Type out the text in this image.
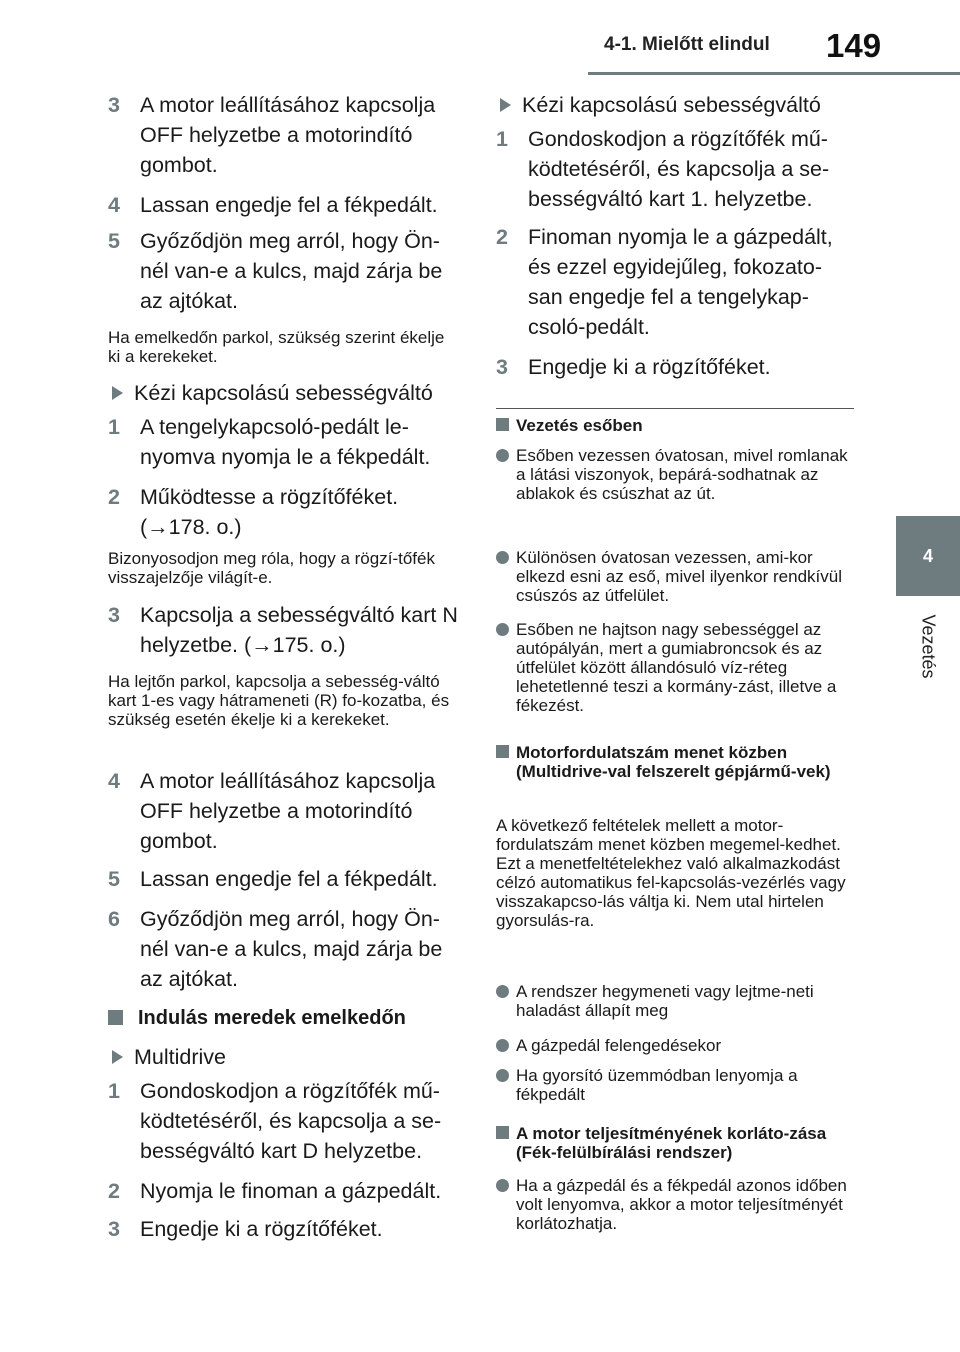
4-1. Mielőtt elindul 149
4
Vezetés
3 A motor leállításához kapcsolja OFF helyzetbe a motorindító gombot.
4 Lassan engedje fel a fékpedált.
5 Győződjön meg arról, hogy Ön-nél van-e a kulcs, majd zárja be az ajtókat.
Ha emelkedőn parkol, szükség szerint ékelje ki a kerekeket.
Kézi kapcsolású sebességváltó
1 A tengelykapcsoló-pedált le-nyomva nyomja le a fékpedált.
2 Működtesse a rögzítőféket. (→178. o.)
Bizonyosodjon meg róla, hogy a rögzí-tőfék visszajelzője világít-e.
3 Kapcsolja a sebességváltó kart N helyzetbe. (→175. o.)
Ha lejtőn parkol, kapcsolja a sebesség-váltó kart 1-es vagy hátrameneti (R) fo-kozatba, és szükség esetén ékelje ki a kerekeket.
4 A motor leállításához kapcsolja OFF helyzetbe a motorindító gombot.
5 Lassan engedje fel a fékpedált.
6 Győződjön meg arról, hogy Ön-nél van-e a kulcs, majd zárja be az ajtókat.
Indulás meredek emelkedőn
Multidrive
1 Gondoskodjon a rögzítőfék mű-ködtetéséről, és kapcsolja a se-bességváltó kart D helyzetbe.
2 Nyomja le finoman a gázpedált.
3 Engedje ki a rögzítőféket.
Kézi kapcsolású sebességváltó
1 Gondoskodjon a rögzítőfék mű-ködtetéséről, és kapcsolja a se-bességváltó kart 1. helyzetbe.
2 Finoman nyomja le a gázpedált, és ezzel egyidejűleg, fokozato-san engedje fel a tengelykap-csoló-pedált.
3 Engedje ki a rögzítőféket.
Vezetés esőben
Esőben vezessen óvatosan, mivel romlanak a látási viszonyok, bepárá-sodhatnak az ablakok és csúszhat az út.
Különösen óvatosan vezessen, ami-kor elkezd esni az eső, mivel ilyenkor rendkívül csúszós az útfelület.
Esőben ne hajtson nagy sebességgel az autópályán, mert a gumiabroncsok és az útfelület között állandósuló víz-réteg lehetetlenné teszi a kormány-zást, illetve a fékezést.
Motorfordulatszám menet közben (Multidrive-val felszerelt gépjármű-vek)
A következő feltételek mellett a motor-fordulatszám menet közben megemel-kedhet. Ezt a menetfeltételekhez való alkalmazkodást célzó automatikus fel-kapcsolás-vezérlés vagy visszakapcso-lás váltja ki. Nem utal hirtelen gyorsulás-ra.
A rendszer hegymeneti vagy lejtme-neti haladást állapít meg
A gázpedál felengedésekor
Ha gyorsító üzemmódban lenyomja a fékpedált
A motor teljesítményének korláto-zása (Fék-felülbírálási rendszer)
Ha a gázpedál és a fékpedál azonos időben volt lenyomva, akkor a motor teljesítményét korlátozhatja.
